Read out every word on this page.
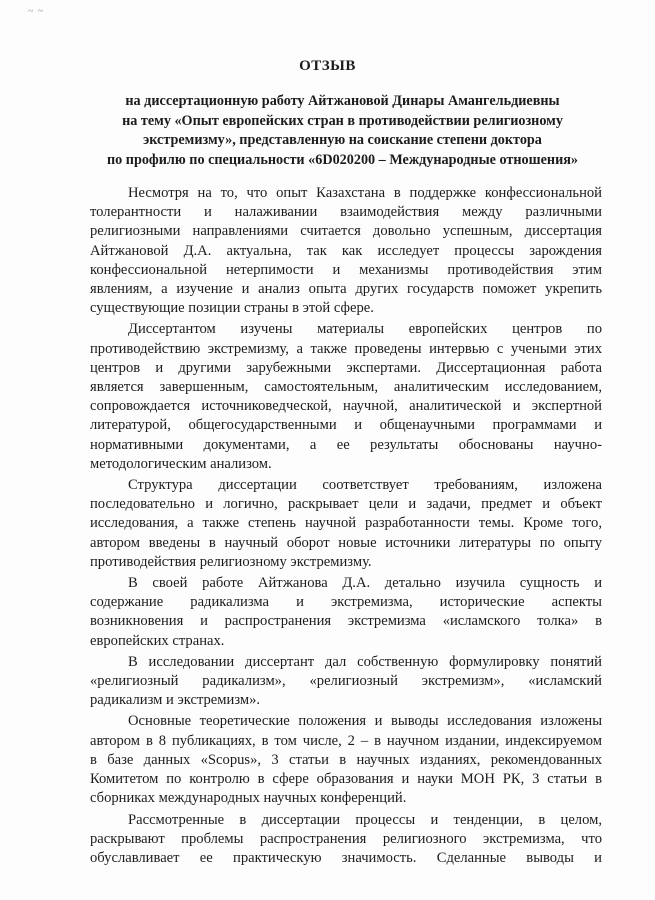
~ ~
ОТЗЫВ
на диссертационную работу Айтжановой Динары Амангельдиевны
на тему «Опыт европейских стран в противодействии религиозному
экстремизму», представленную на соискание степени доктора
по профилю по специальности «6D020200 – Международные отношения»
Несмотря на то, что опыт Казахстана в поддержке конфессиональной
толерантности и налаживании взаимодействия между различными
религиозными направлениями считается довольно успешным, диссертация
Айтжановой Д.А. актуальна, так как исследует процессы зарождения
конфессиональной нетерпимости и механизмы противодействия этим
явлениям, а изучение и анализ опыта других государств поможет укрепить
существующие позиции страны в этой сфере.
Диссертантом изучены материалы европейских центров по
противодействию экстремизму, а также проведены интервью с учеными этих
центров и другими зарубежными экспертами. Диссертационная работа
является завершенным, самостоятельным, аналитическим исследованием,
сопровождается источниковедческой, научной, аналитической и экспертной
литературой, общегосударственными и общенаучными программами и
нормативными документами, а ее результаты обоснованы научно-
методологическим анализом.
Структура диссертации соответствует требованиям, изложена
последовательно и логично, раскрывает цели и задачи, предмет и объект
исследования, а также степень научной разработанности темы. Кроме того,
автором введены в научный оборот новые источники литературы по опыту
противодействия религиозному экстремизму.
В своей работе Айтжанова Д.А. детально изучила сущность и
содержание радикализма и экстремизма, исторические аспекты
возникновения и распространения экстремизма «исламского толка» в
европейских странах.
В исследовании диссертант дал собственную формулировку понятий
«религиозный радикализм», «религиозный экстремизм», «исламский
радикализм и экстремизм».
Основные теоретические положения и выводы исследования изложены
автором в 8 публикациях, в том числе, 2 – в научном издании, индексируемом
в базе данных «Scopus», 3 статьи в научных изданиях, рекомендованных
Комитетом по контролю в сфере образования и науки МОН РК, 3 статьи в
сборниках международных научных конференций.
Рассмотренные в диссертации процессы и тенденции, в целом,
раскрывают проблемы распространения религиозного экстремизма, что
обуславливает ее практическую значимость. Сделанные выводы и
